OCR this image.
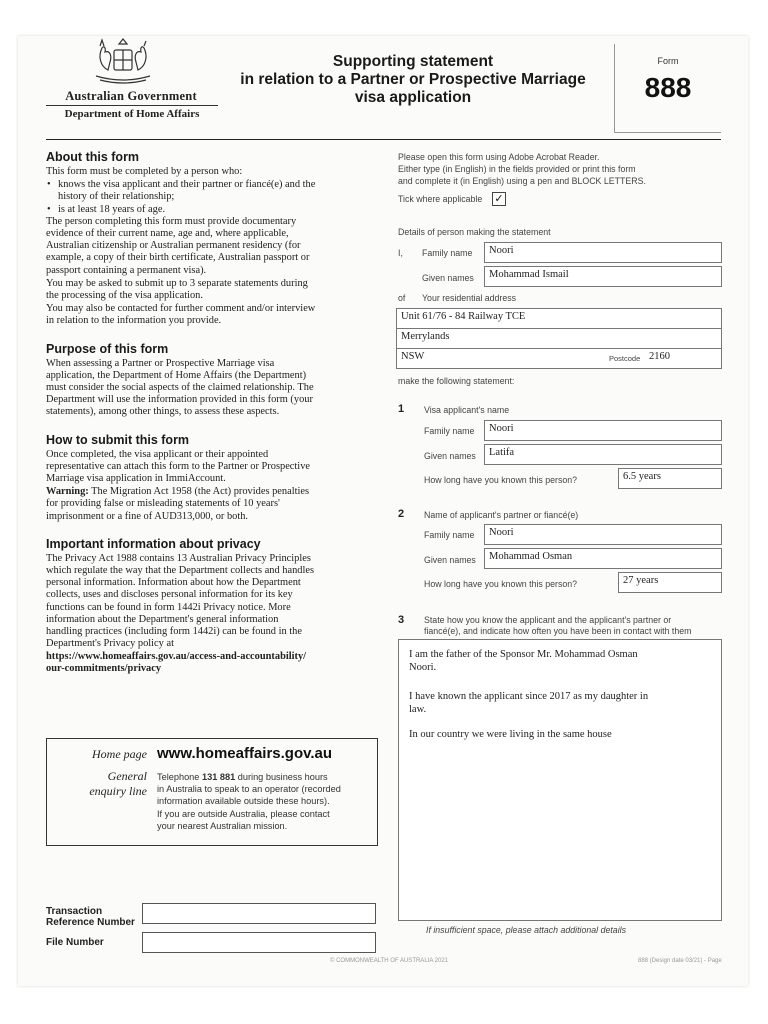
Australian Government
Department of Home Affairs
Supporting statement
in relation to a Partner or Prospective Marriage
visa application
Form
888
About this form
This form must be completed by a person who:
• knows the visa applicant and their partner or fiancé(e) and the
history of their relationship;
• is at least 18 years of age.
The person completing this form must provide documentary
evidence of their current name, age and, where applicable,
Australian citizenship or Australian permanent residency (for
example, a copy of their birth certificate, Australian passport or
passport containing a permanent visa).
You may be asked to submit up to 3 separate statements during
the processing of the visa application.
You may also be contacted for further comment and/or interview
in relation to the information you provide.
Purpose of this form
When assessing a Partner or Prospective Marriage visa
application, the Department of Home Affairs (the Department)
must consider the social aspects of the claimed relationship. The
Department will use the information provided in this form (your
statements), among other things, to assess these aspects.
How to submit this form
Once completed, the visa applicant or their appointed
representative can attach this form to the Partner or Prospective
Marriage visa application in ImmiAccount.
Warning: The Migration Act 1958 (the Act) provides penalties
for providing false or misleading statements of 10 years'
imprisonment or a fine of AUD313,000, or both.
Important information about privacy
The Privacy Act 1988 contains 13 Australian Privacy Principles
which regulate the way that the Department collects and handles
personal information. Information about how the Department
collects, uses and discloses personal information for its key
functions can be found in form 1442i Privacy notice. More
information about the Department's general information
handling practices (including form 1442i) can be found in the
Department's Privacy policy at
https://www.homeaffairs.gov.au/access-and-accountability/
our-commitments/privacy
Home page www.homeaffairs.gov.au
General
enquiry line
Telephone 131 881 during business hours
in Australia to speak to an operator (recorded
information available outside these hours).
If you are outside Australia, please contact
your nearest Australian mission.
Transaction
Reference Number
File Number
Please open this form using Adobe Acrobat Reader.
Either type (in English) in the fields provided or print this form
and complete it (in English) using a pen and BLOCK LETTERS.
Tick where applicable ✓
Details of person making the statement
I, Family name Noori
Given names Mohammad Ismail
of Your residential address
Unit 61/76 - 84 Railway TCE
Merrylands
NSW	Postcode 2160
make the following statement:
1 Visa applicant's name
Family name Noori
Given names Latifa
How long have you known this person?	6.5 years
2 Name of applicant's partner or fiancé(e)
Family name Noori
Given names Mohammad Osman
How long have you known this person?	27 years
3 State how you know the applicant and the applicant's partner or
fiancé(e), and indicate how often you have been in contact with them
I am the father of the Sponsor Mr. Mohammad Osman
Noori.
I have known the applicant since 2017 as my daughter in
law.
In our country we were living in the same house
If insufficient space, please attach additional details
© COMMONWEALTH OF AUSTRALIA 2021	888 (Design date 03/21) - Page
